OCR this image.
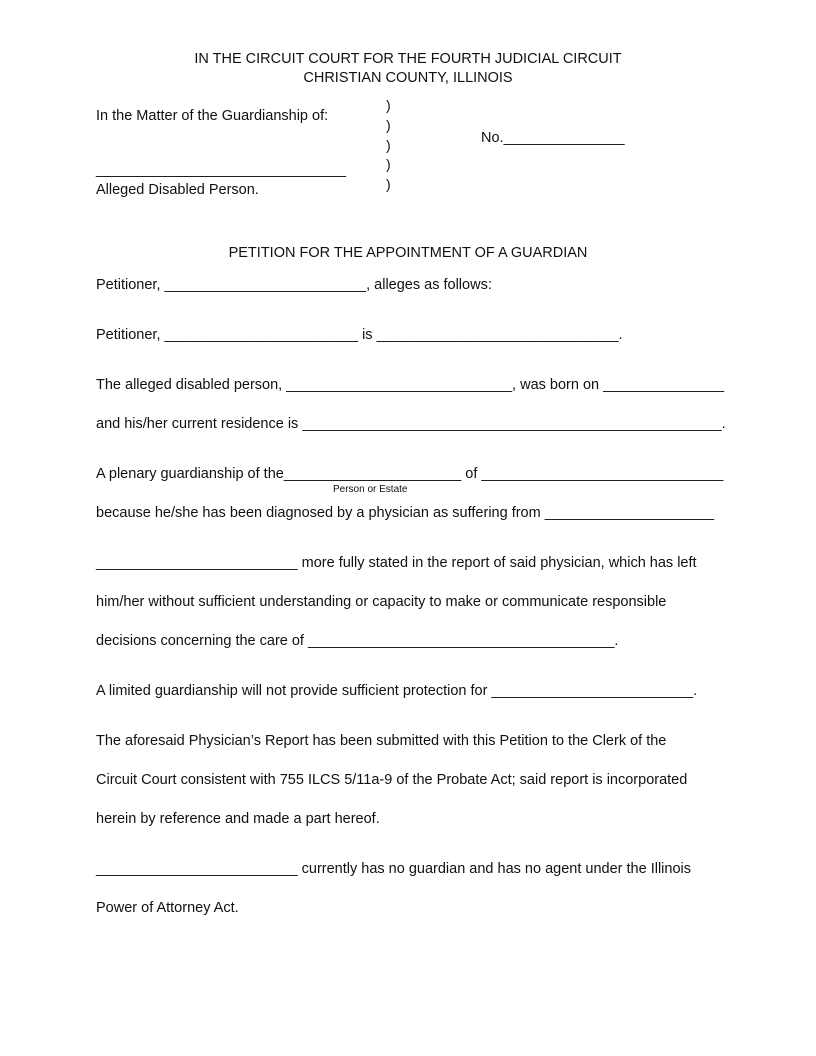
IN THE CIRCUIT COURT FOR THE FOURTH JUDICIAL CIRCUIT
CHRISTIAN COUNTY, ILLINOIS
In the Matter of the Guardianship of:
_______________________________
Alleged Disabled Person.
)
)
)
)
)
No._______________
PETITION FOR THE APPOINTMENT OF A GUARDIAN
Petitioner, _________________________, alleges as follows:
Petitioner, ________________________ is ______________________________.
The alleged disabled person, ____________________________, was born on _______________
and his/her current residence is ____________________________________________________.
A plenary guardianship of the______________________ of ______________________________
Person or Estate
because he/she has been diagnosed by a physician as suffering from _____________________
_________________________ more fully stated in the report of said physician, which has left
him/her without sufficient understanding or capacity to make or communicate responsible
decisions concerning the care of ______________________________________.
A limited guardianship will not provide sufficient protection for _________________________.
The aforesaid Physician’s Report has been submitted with this Petition to the Clerk of the
Circuit Court consistent with 755 ILCS 5/11a-9 of the Probate Act; said report is incorporated
herein by reference and made a part hereof.
_________________________ currently has no guardian and has no agent under the Illinois
Power of Attorney Act.
